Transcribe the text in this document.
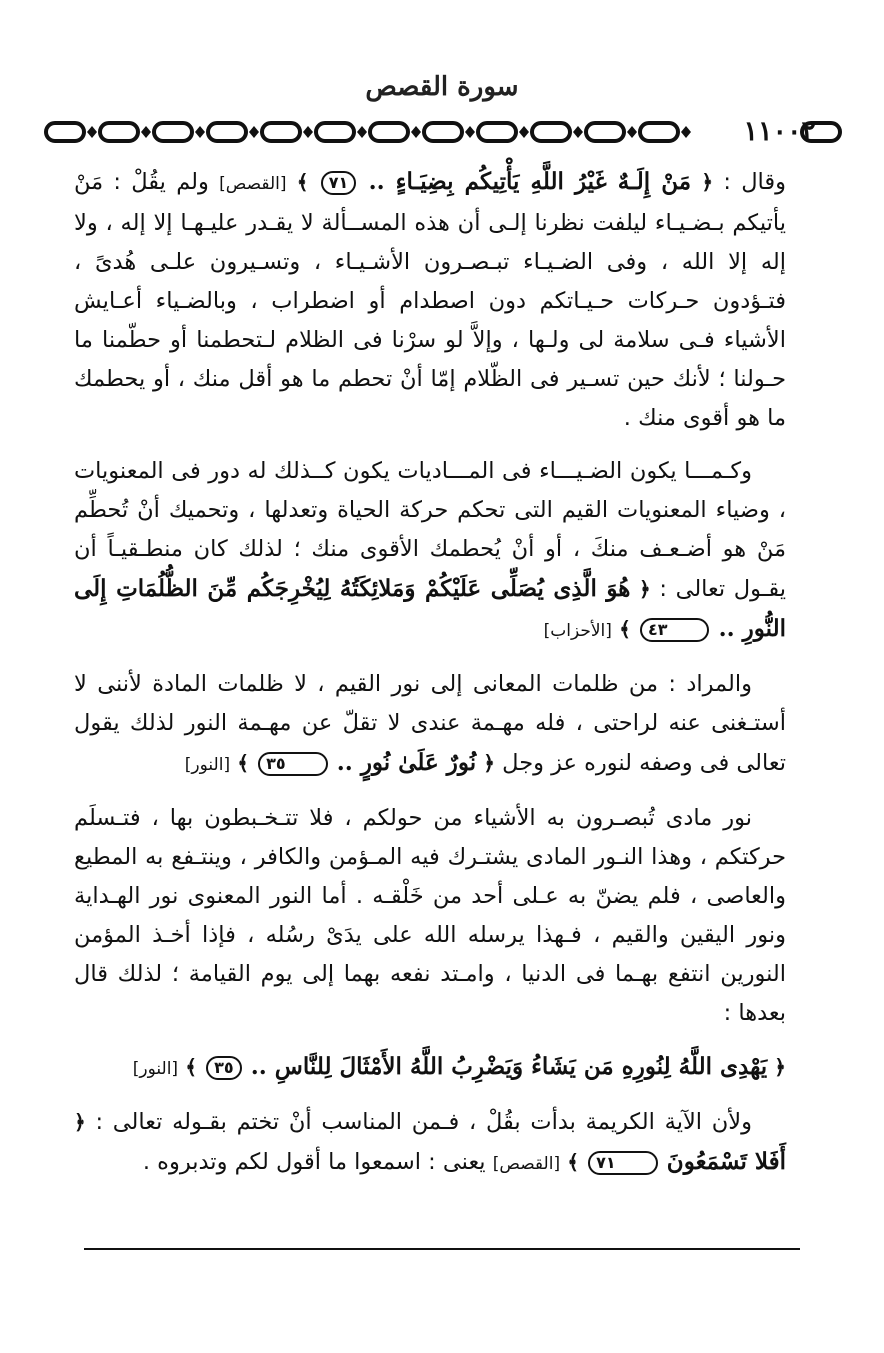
سورة القصص
١١٠٠٢

وقال : ﴿ مَنْ إِلَـهٌ غَيْرُ اللَّهِ يَأْتِيكُم بِضِيَـاءٍ .. ٧١ ﴾ [القصص] ولم يقُلْ : مَنْ يأتيكم بـضـيـاء ليلفت نظرنا إلـى أن هذه المســألة لا يقـدر عليـهـا إلا إله ، ولا إله إلا الله ، وفى الضـيـاء تبـصـرون الأشـيـاء ، وتسـيرون علـى هُدىً ، فتـؤدون حـركات حـيـاتكم دون اصطدام أو اضطراب ، وبالضـياء أعـايش الأشياء فـى سلامة لى ولـها ، وإلاَّ لو سرْنا فى الظلام لـتحطمنا أو حطّمنا ما حـولنا ؛ لأنك حين تسـير فى الظّلام إمّا أنْ تحطم ما هو أقل منك ، أو يحطمك ما هو أقوى منك .

وكـمـــا يكون الضـيـــاء فى المـــاديات يكون كــذلك له دور فى المعنويات ، وضياء المعنويات القيم التى تحكم حركة الحياة وتعدلها ، وتحميك أنْ تُحطِّم مَنْ هو أضـعـف منكَ ، أو أنْ يُحطمك الأقوى منك ؛ لذلك كان منطـقيـاً أن يقـول تعالى : ﴿ هُوَ الَّذِى يُصَلِّى عَلَيْكُمْ وَمَلائِكَتُهُ لِيُخْرِجَكُم مِّنَ الظُّلُمَاتِ إِلَى النُّورِ .. ٤٣ ﴾ [الأحزاب]

والمراد : من ظلمات المعانى إلى نور القيم ، لا ظلمات المادة لأننى لا أستـغنى عنه لراحتى ، فله مهـمة عندى لا تقلّ عن مهـمة النور لذلك يقول تعالى فى وصفه لنوره عز وجل ﴿ نُورٌ عَلَىٰ نُورٍ .. ٣٥ ﴾ [النور]

نور مادى تُبصـرون به الأشياء من حولكم ، فلا تتـخـبطون بها ، فتـسلَم حركتكم ، وهذا النـور المادى يشتـرك فيه المـؤمن والكافر ، وينتـفع به المطيع والعاصى ، فلم يضنّ به عـلى أحد من خَلْقـه . أما النور المعنوى نور الهـداية ونور اليقين والقيم ، فـهذا يرسله الله على يدَىْ رسُله ، فإذا أخـذ المؤمن النورين انتفع بهـما فى الدنيا ، وامـتد نفعه بهما إلى يوم القيامة ؛ لذلك قال بعدها :

﴿ يَهْدِى اللَّهُ لِنُورِهِ مَن يَشَاءُ وَيَضْرِبُ اللَّهُ الأَمْثَالَ لِلنَّاسِ .. ٣٥ ﴾ [النور]

ولأن الآية الكريمة بدأت بقُلْ ، فـمن المناسب أنْ تختم بقـوله تعالى : ﴿ أَفَلا تَسْمَعُونَ ٧١ ﴾ [القصص] يعنى : اسمعوا ما أقول لكم وتدبروه .
